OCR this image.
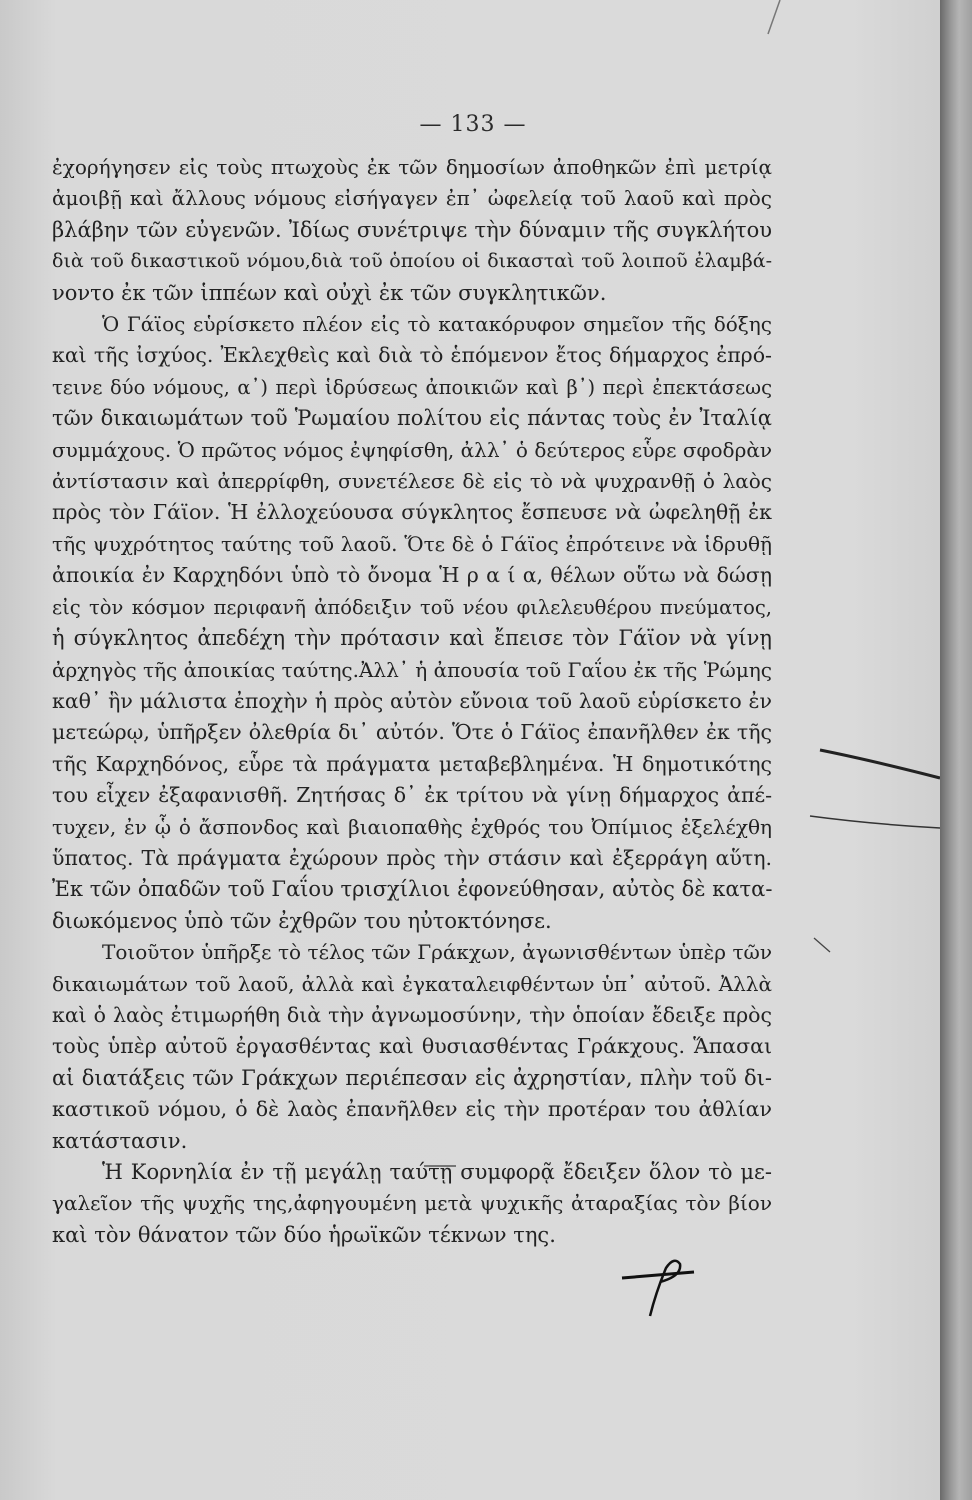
— 133 —
ἐχορήγησεν εἰς τοὺς πτωχοὺς ἐκ τῶν δημοσίων ἀποθηκῶν ἐπὶ μετρίᾳ
ἀμοιβῇ καὶ ἄλλους νόμους εἰσήγαγεν ἐπ᾽ ὠφελείᾳ τοῦ λαοῦ καὶ πρὸς
βλάβην τῶν εὐγενῶν. Ἰδίως συνέτριψε τὴν δύναμιν τῆς συγκλήτου
διὰ τοῦ δικαστικοῦ νόμου,διὰ τοῦ ὁποίου οἱ δικασταὶ τοῦ λοιποῦ ἐλαμβά-
νοντο ἐκ τῶν ἱππέων καὶ οὐχὶ ἐκ τῶν συγκλητικῶν.
Ὁ Γάϊος εὑρίσκετο πλέον εἰς τὸ κατακόρυφον σημεῖον τῆς δόξης
καὶ τῆς ἰσχύος. Ἐκλεχθεὶς καὶ διὰ τὸ ἑπόμενον ἔτος δήμαρχος ἐπρό-
τεινε δύο νόμους, α᾽) περὶ ἱδρύσεως ἀποικιῶν καὶ β᾽) περὶ ἐπεκτάσεως
τῶν δικαιωμάτων τοῦ Ῥωμαίου πολίτου εἰς πάντας τοὺς ἐν Ἰταλίᾳ
συμμάχους. Ὁ πρῶτος νόμος ἐψηφίσθη, ἀλλ᾽ ὁ δεύτερος εὗρε σφοδρὰν
ἀντίστασιν καὶ ἀπερρίφθη, συνετέλεσε δὲ εἰς τὸ νὰ ψυχρανθῇ ὁ λαὸς
πρὸς τὸν Γάϊον. Ἡ ἐλλοχεύουσα σύγκλητος ἔσπευσε νὰ ὠφεληθῇ ἐκ
τῆς ψυχρότητος ταύτης τοῦ λαοῦ. Ὅτε δὲ ὁ Γάϊος ἐπρότεινε νὰ ἱδρυθῇ
ἀποικία ἐν Καρχηδόνι ὑπὸ τὸ ὄνομα Ἡ ρ α ί α, θέλων οὕτω νὰ δώσῃ
εἰς τὸν κόσμον περιφανῆ ἀπόδειξιν τοῦ νέου φιλελευθέρου πνεύματος,
ἡ σύγκλητος ἀπεδέχη τὴν πρότασιν καὶ ἔπεισε τὸν Γάϊον νὰ γίνῃ
ἀρχηγὸς τῆς ἀποικίας ταύτης.Ἀλλ᾽ ἡ ἀπουσία τοῦ Γαΐου ἐκ τῆς Ῥώμης
καθ᾽ ἣν μάλιστα ἐποχὴν ἡ πρὸς αὐτὸν εὔνοια τοῦ λαοῦ εὑρίσκετο ἐν
μετεώρῳ, ὑπῆρξεν ὀλεθρία δι᾽ αὐτόν. Ὅτε ὁ Γάϊος ἐπανῆλθεν ἐκ τῆς
τῆς Καρχηδόνος, εὗρε τὰ πράγματα μεταβεβλημένα. Ἡ δημοτικότης
του εἶχεν ἐξαφανισθῆ. Ζητήσας δ᾽ ἐκ τρίτου νὰ γίνῃ δήμαρχος ἀπέ-
τυχεν, ἐν ᾧ ὁ ἄσπονδος καὶ βιαιοπαθὴς ἐχθρός του Ὀπίμιος ἐξελέχθη
ὕπατος. Τὰ πράγματα ἐχώρουν πρὸς τὴν στάσιν καὶ ἐξερράγη αὕτη.
Ἐκ τῶν ὀπαδῶν τοῦ Γαΐου τρισχίλιοι ἐφονεύθησαν, αὐτὸς δὲ κατα-
διωκόμενος ὑπὸ τῶν ἐχθρῶν του ηὐτοκτόνησε.
Τοιοῦτον ὑπῆρξε τὸ τέλος τῶν Γράκχων, ἀγωνισθέντων ὑπὲρ τῶν
δικαιωμάτων τοῦ λαοῦ, ἀλλὰ καὶ ἐγκαταλειφθέντων ὑπ᾽ αὐτοῦ. Ἀλλὰ
καὶ ὁ λαὸς ἐτιμωρήθη διὰ τὴν ἀγνωμοσύνην, τὴν ὁποίαν ἔδειξε πρὸς
τοὺς ὑπὲρ αὐτοῦ ἐργασθέντας καὶ θυσιασθέντας Γράκχους. Ἅπασαι
αἱ διατάξεις τῶν Γράκχων περιέπεσαν εἰς ἀχρηστίαν, πλὴν τοῦ δι-
καστικοῦ νόμου, ὁ δὲ λαὸς ἐπανῆλθεν εἰς τὴν προτέραν του ἀθλίαν
κατάστασιν.
Ἡ Κορνηλία ἐν τῇ μεγάλῃ ταύτῃ συμφορᾷ ἔδειξεν ὅλον τὸ με-
γαλεῖον τῆς ψυχῆς της,ἀφηγουμένη μετὰ ψυχικῆς ἀταραξίας τὸν βίον
καὶ τὸν θάνατον τῶν δύο ἡρωϊκῶν τέκνων της.
